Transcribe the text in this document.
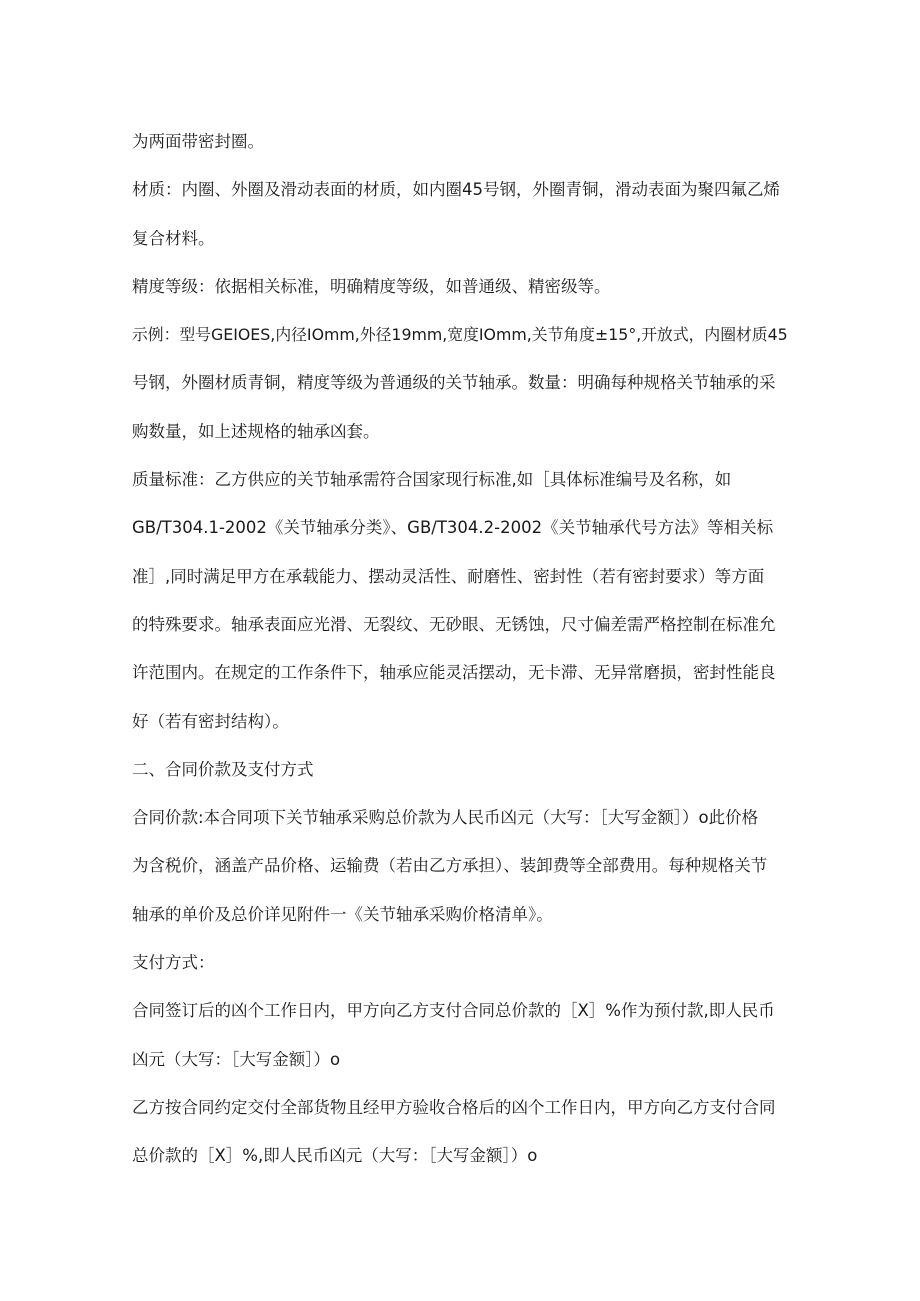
为两面带密封圈。
材质：内圈、外圈及滑动表面的材质，如内圈45号钢，外圈青铜，滑动表面为聚四氟乙烯
复合材料。
精度等级：依据相关标准，明确精度等级，如普通级、精密级等。
示例：型号GEIOES,内径IOmm,外径19mm,宽度IOmm,关节角度±15°,开放式，内圈材质45
号钢，外圈材质青铜，精度等级为普通级的关节轴承。数量：明确每种规格关节轴承的采
购数量，如上述规格的轴承凶套。
质量标准：乙方供应的关节轴承需符合国家现行标准,如［具体标准编号及名称，如
GB/T304.1-2002《关节轴承分类》、GB/T304.2-2002《关节轴承代号方法》等相关标
准］,同时满足甲方在承载能力、摆动灵活性、耐磨性、密封性（若有密封要求）等方面
的特殊要求。轴承表面应光滑、无裂纹、无砂眼、无锈蚀，尺寸偏差需严格控制在标准允
许范围内。在规定的工作条件下，轴承应能灵活摆动，无卡滞、无异常磨损，密封性能良
好（若有密封结构）。
二、合同价款及支付方式
合同价款:本合同项下关节轴承采购总价款为人民币凶元（大写：［大写金额］）o此价格
为含税价，涵盖产品价格、运输费（若由乙方承担）、装卸费等全部费用。每种规格关节
轴承的单价及总价详见附件一《关节轴承采购价格清单》。
支付方式：
合同签订后的凶个工作日内，甲方向乙方支付合同总价款的［X］%作为预付款,即人民币
凶元（大写：［大写金额］）o
乙方按合同约定交付全部货物且经甲方验收合格后的凶个工作日内，甲方向乙方支付合同
总价款的［X］%,即人民币凶元（大写：［大写金额］）o
